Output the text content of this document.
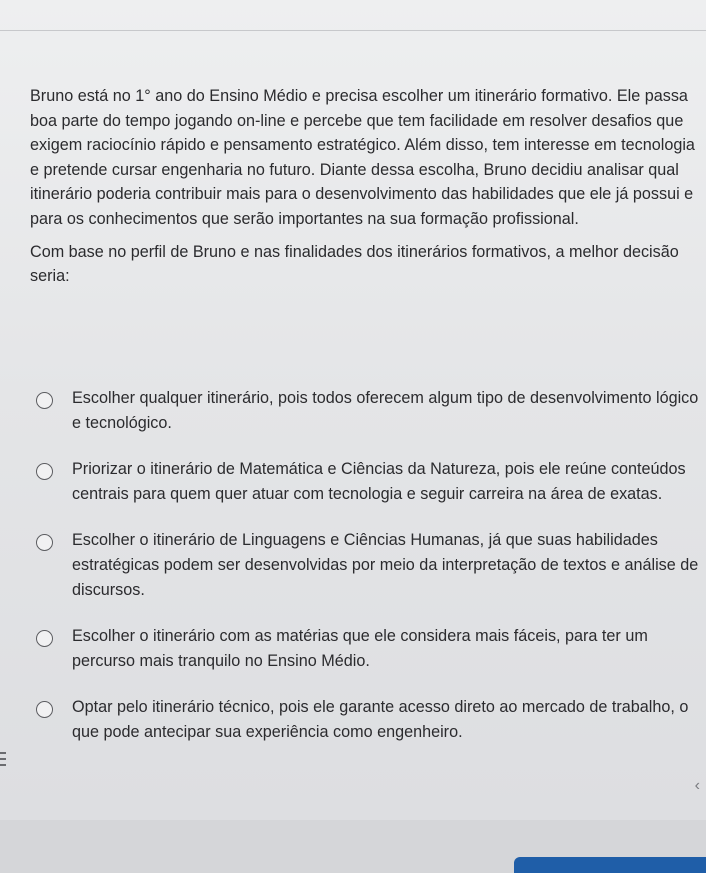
Bruno está no 1° ano do Ensino Médio e precisa escolher um itinerário formativo. Ele passa boa parte do tempo jogando on-line e percebe que tem facilidade em resolver desafios que exigem raciocínio rápido e pensamento estratégico. Além disso, tem interesse em tecnologia e pretende cursar engenharia no futuro. Diante dessa escolha, Bruno decidiu analisar qual itinerário poderia contribuir mais para o desenvolvimento das habilidades que ele já possui e para os conhecimentos que serão importantes na sua formação profissional.

Com base no perfil de Bruno e nas finalidades dos itinerários formativos, a melhor decisão seria:

Escolher qualquer itinerário, pois todos oferecem algum tipo de desenvolvimento lógico e tecnológico.
Priorizar o itinerário de Matemática e Ciências da Natureza, pois ele reúne conteúdos centrais para quem quer atuar com tecnologia e seguir carreira na área de exatas.
Escolher o itinerário de Linguagens e Ciências Humanas, já que suas habilidades estratégicas podem ser desenvolvidas por meio da interpretação de textos e análise de discursos.
Escolher o itinerário com as matérias que ele considera mais fáceis, para ter um percurso mais tranquilo no Ensino Médio.
Optar pelo itinerário técnico, pois ele garante acesso direto ao mercado de trabalho, o que pode antecipar sua experiência como engenheiro.
‹
